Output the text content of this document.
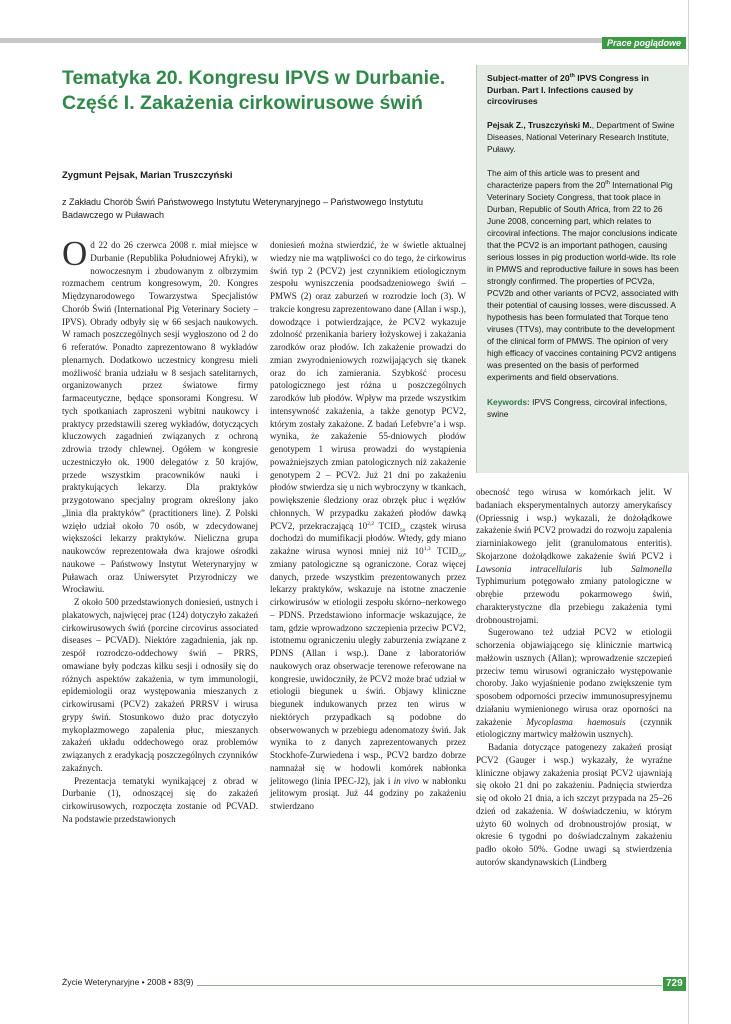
Prace poglądowe
Tematyka 20. Kongresu IPVS w Durbanie. Część I. Zakażenia cirkowirusowe świń
Zygmunt Pejsak, Marian Truszczyński
z Zakładu Chorób Świń Państwowego Instytutu Weterynaryjnego – Państwowego Instytutu Badawczego w Puławach

Subject-matter of 20th IPVS Congress in Durban. Part I. Infections caused by circoviruses

Pejsak Z., Truszczyński M., Department of Swine Diseases, National Veterinary Research Institute, Puławy.

The aim of this article was to present and characterize papers from the 20th International Pig Veterinary Society Congress, that took place in Durban, Republic of South Africa, from 22 to 26 June 2008, concerning part, which relates to circoviral infections. The major conclusions indicate that the PCV2 is an important pathogen, causing serious losses in pig production world-wide. Its role in PMWS and reproductive failure in sows has been strongly confirmed. The properties of PCV2a, PCV2b and other variants of PCV2, associated with their potential of causing losses, were discussed. A hypothesis has been formulated that Torque teno viruses (TTVs), may contribute to the development of the clinical form of PMWS. The opinion of very high efficacy of vaccines containing PCV2 antigens was presented on the basis of performed experiments and field observations.

Keywords: IPVS Congress, circoviral infections, swine

Od 22 do 26 czerwca 2008 r. miał miejsce w Durbanie (Republika Południowej Afryki), w nowoczesnym i zbudowanym z olbrzymim rozmachem centrum kongresowym, 20. Kongres Międzynarodowego Towarzystwa Specjalistów Chorób Świń (International Pig Veterinary Society – IPVS). Obrady odbyły się w 66 sesjach naukowych. W ramach poszczególnych sesji wygłoszono od 2 do 6 referatów. Ponadto zaprezentowano 8 wykładów plenarnych. Dodatkowo uczestnicy kongresu mieli możliwość brania udziału w 8 sesjach satelitarnych, organizowanych przez światowe firmy farmaceutyczne, będące sponsorami Kongresu. W tych spotkaniach zaproszeni wybitni naukowcy i praktycy przedstawili szereg wykładów, dotyczących kluczowych zagadnień związanych z ochroną zdrowia trzody chlewnej. Ogółem w kongresie uczestniczyło ok. 1900 delegatów z 50 krajów, przede wszystkim pracowników nauki i praktykujących lekarzy. Dla praktyków przygotowano specjalny program określony jako „linia dla praktyków” (practitioners line). Z Polski wzięło udział około 70 osób, w zdecydowanej większości lekarzy praktyków. Nieliczna grupa naukowców reprezentowała dwa krajowe ośrodki naukowe – Państwowy Instytut Weterynaryjny w Puławach oraz Uniwersytet Przyrodniczy we Wrocławiu.

Z około 500 przedstawionych doniesień, ustnych i plakatowych, najwięcej prac (124) dotyczyło zakażeń cirkowirusowych świń (porcine circovirus associated diseases – PCVAD). Niektóre zagadnienia, jak np. zespół rozrodczo-oddechowy świń – PRRS, omawiane były podczas kilku sesji i odnosiły się do różnych aspektów zakażenia, w tym immunologii, epidemiologii oraz występowania mieszanych z cirkowirusami (PCV2) zakażeń PRRSV i wirusa grypy świń. Stosunkowo dużo prac dotyczyło mykoplazmowego zapalenia płuc, mieszanych zakażeń układu oddechowego oraz problemów związanych z eradykacją poszczególnych czynników zakaźnych.

Prezentacja tematyki wynikającej z obrad w Durbanie (1), odnoszącej się do zakażeń cirkowirusowych, rozpoczęta zostanie od PCVAD. Na podstawie przedstawionych

doniesień można stwierdzić, że w świetle aktualnej wiedzy nie ma wątpliwości co do tego, że cirkowirus świń typ 2 (PCV2) jest czynnikiem etiologicznym zespołu wyniszczenia poodsadzeniowego świń – PMWS (2) oraz zaburzeń w rozrodzie loch (3). W trakcie kongresu zaprezentowano dane (Allan i wsp.), dowodzące i potwierdzające, że PCV2 wykazuje zdolność przenikania bariery łożyskowej i zakażania zarodków oraz płodów. Ich zakażenie prowadzi do zmian zwyrodnieniowych rozwijających się tkanek oraz do ich zamierania. Szybkość procesu patologicznego jest różna u poszczególnych zarodków lub płodów. Wpływ ma przede wszystkim intensywność zakażenia, a także genotyp PCV2, którym zostały zakażone. Z badań Lefebvre’a i wsp. wynika, że zakażenie 55-dniowych płodów genotypem 1 wirusa prowadzi do wystąpienia poważniejszych zmian patologicznych niż zakażenie genotypem 2 – PCV2. Już 21 dni po zakażeniu płodów stwierdza się u nich wybroczyny w tkankach, powiększenie śledziony oraz obrzęk płuc i węzłów chłonnych. W przypadku zakażeń płodów dawką PCV2, przekraczającą 10$^{2,2}$ $TCID_{50}$ cząstek wirusa dochodzi do mumifikacji płodów. Wtedy, gdy miano zakażne wirusa wynosi mniej niż 10$^{1,3}$ $TCID_{50}$, zmiany patologiczne są ograniczone. Coraz więcej danych, przede wszystkim prezentowanych przez lekarzy praktyków, wskazuje na istotne znaczenie cirkowirusów w etiologii zespołu skórno–nerkowego – PDNS. Przedstawiono informacje wskazujące, że tam, gdzie wprowadzono szczepienia przeciw PCV2, istotnemu ograniczeniu uległy zaburzenia związane z PDNS (Allan i wsp.). Dane z laboratoriów naukowych oraz obserwacje terenowe referowane na kongresie, uwidoczniły, że PCV2 może brać udział w etiologii biegunek u świń. Objawy kliniczne biegunek indukowanych przez ten wirus w niektórych przypadkach są podobne do obserwowanych w przebiegu adenomatozy świń. Jak wynika to z danych zaprezentowanych przez Stockhofe-Zurwiedena i wsp., PCV2 bardzo dobrze namnażał się w hodowli komórek nabłonka jelitowego (linia IPEC-J2), jak i in vivo w nabłonku jelitowym prosiąt. Już 44 godziny po zakażeniu stwierdzano

obecność tego wirusa w komórkach jelit. W badaniach eksperymentalnych autorzy amerykańscy (Opriessnig i wsp.) wykazali, że dożołądkowe zakażenie świń PCV2 prowadzi do rozwoju zapalenia ziarniniakowego jelit (granulomatous enteritis). Skojarzone dożołądkowe zakażenie świń PCV2 i Lawsonia intracellularis lub Salmonella Typhimurium potęgowało zmiany patologiczne w obrębie przewodu pokarmowego świń, charakterystyczne dla przebiegu zakażenia tymi drobnoustrojami.

Sugerowano też udział PCV2 w etiologii schorzenia objawiającego się klinicznie martwicą małżowin usznych (Allan); wprowadzenie szczepień przeciw temu wirusowi ograniczało występowanie choroby. Jako wyjaśnienie podano zwiększenie tym sposobem odporności przeciw immunosupresyjnemu działaniu wymienionego wirusa oraz oporności na zakażenie Mycoplasma haemosuis (czynnik etiologiczny martwicy małżowin usznych).

Badania dotyczące patogenezy zakażeń prosiąt PCV2 (Gauger i wsp.) wykazały, że wyraźne kliniczne objawy zakażenia prosiąt PCV2 ujawniają się około 21 dni po zakażeniu. Padnięcia stwierdza się od około 21 dnia, a ich szczyt przypada na 25–26 dzień od zakażenia. W doświadczeniu, w którym użyto 60 wolnych od drobnoustrojów prosiąt, w okresie 6 tygodni po doświadczalnym zakażeniu padło około 50%. Godne uwagi są stwierdzenia autorów skandynawskich (Lindberg

Życie Weterynaryjne • 2008 • 83(9)	729
